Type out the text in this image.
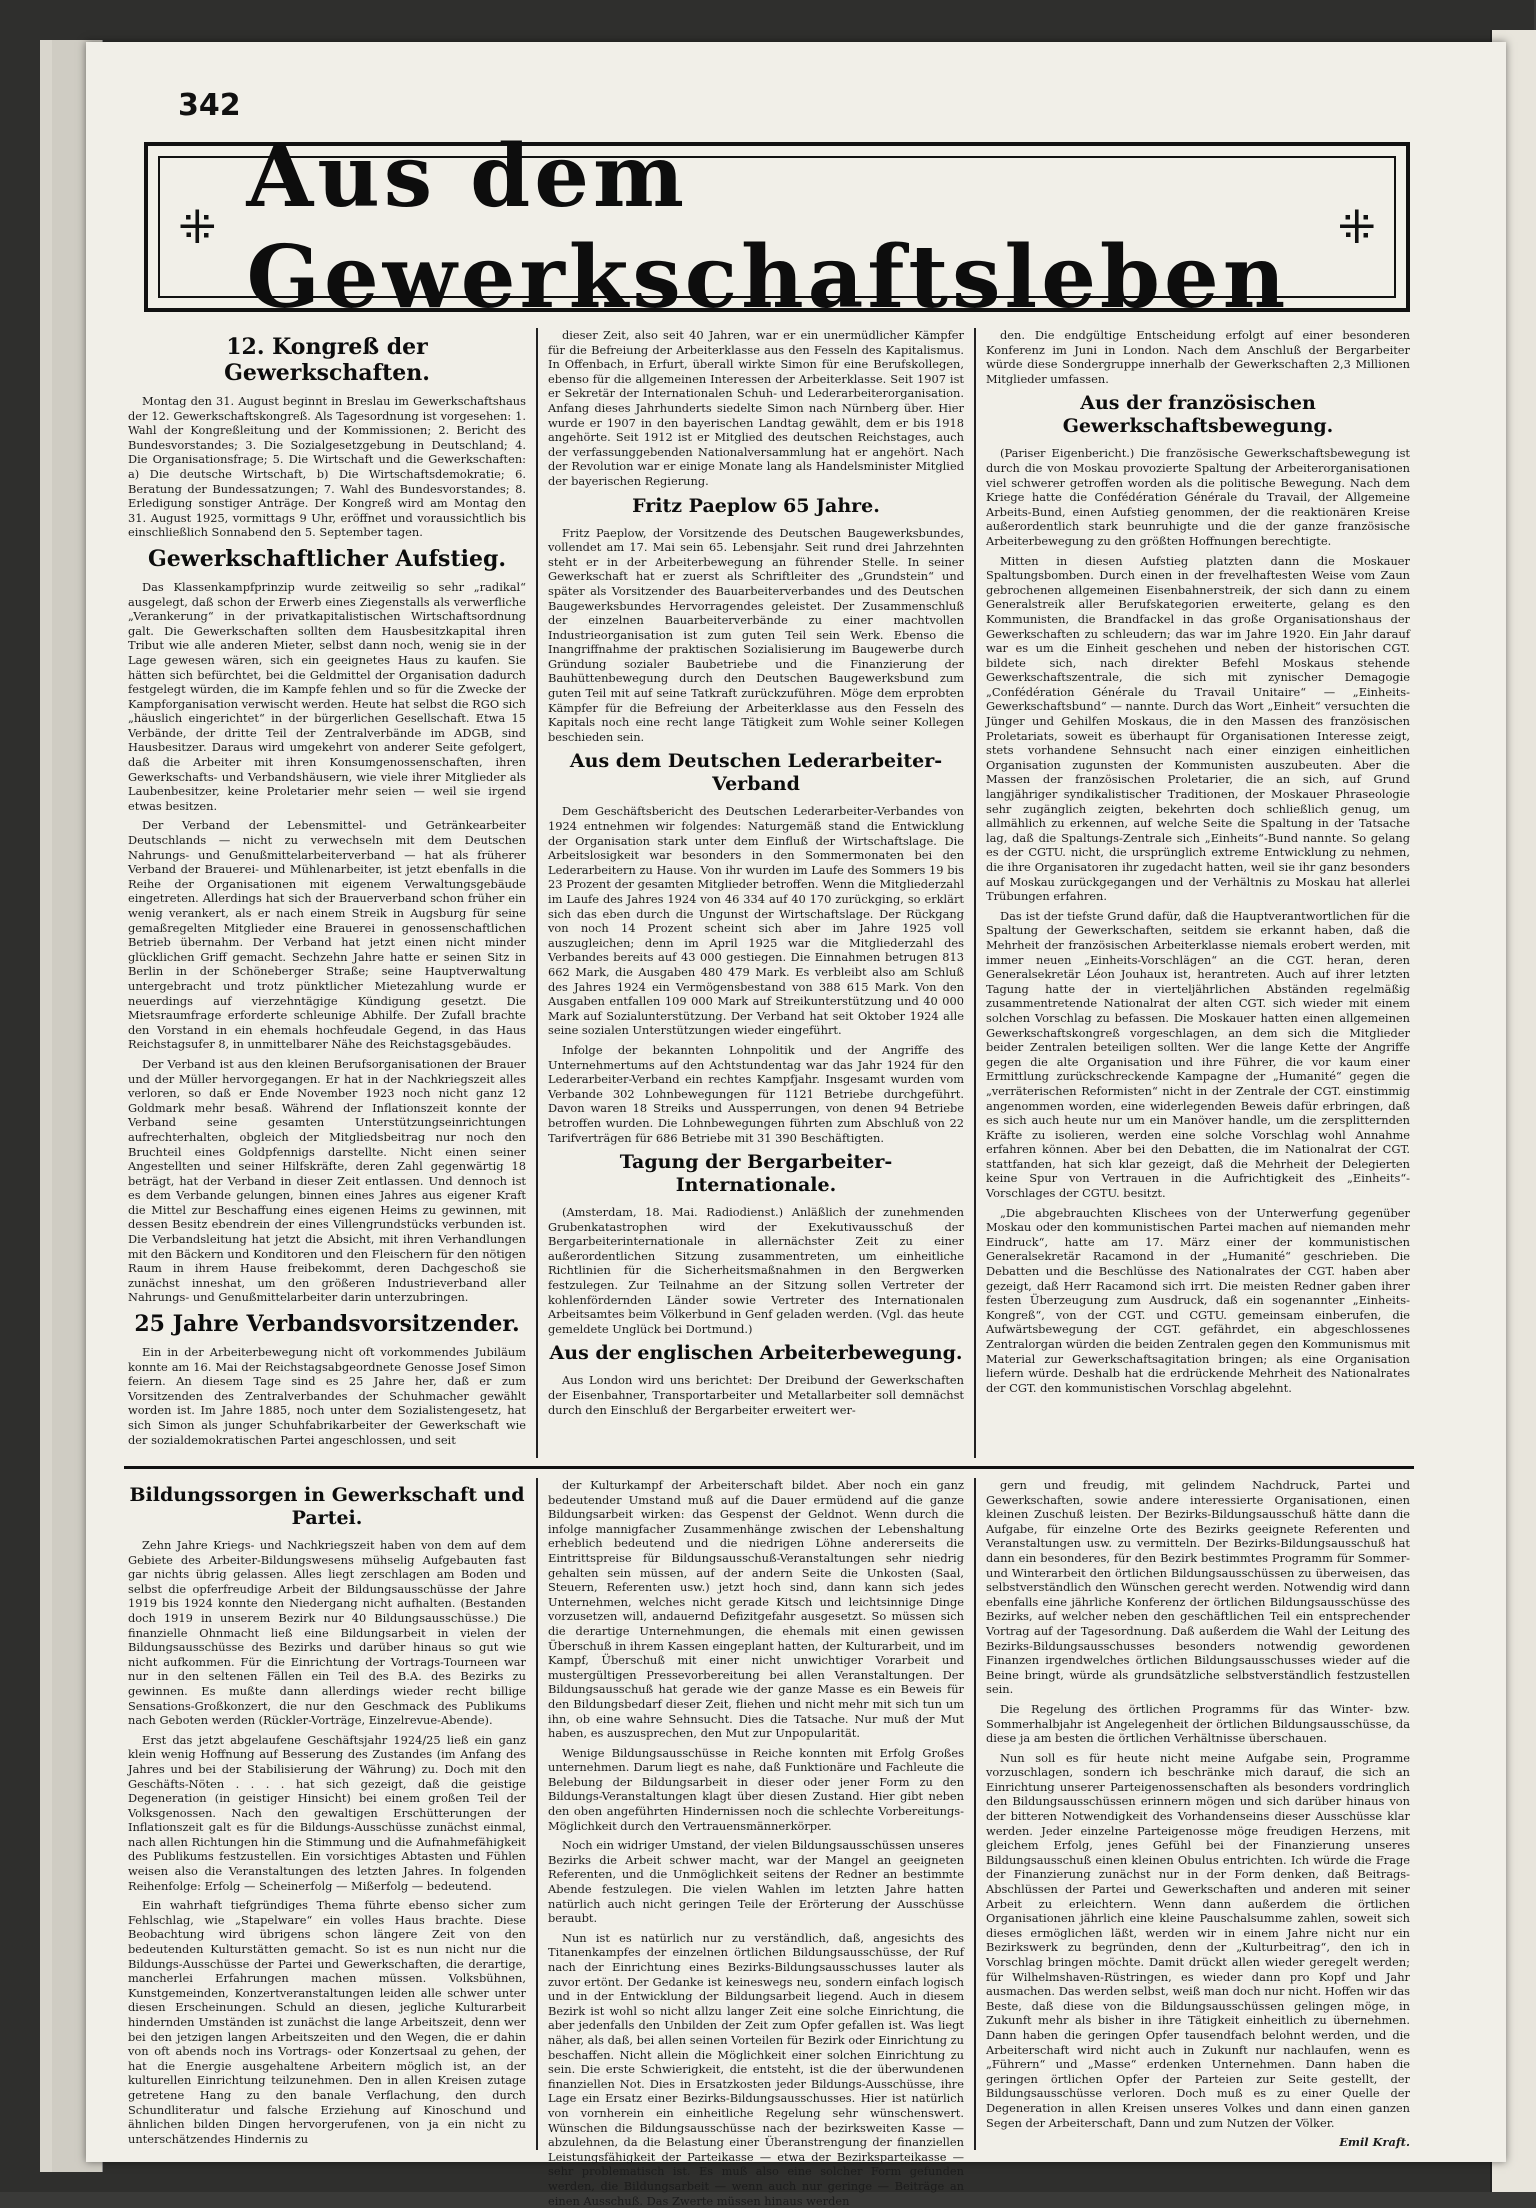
342
⁜ Aus dem Gewerkschaftsleben	⁜
12. Kongreß der Gewerkschaften.

Montag den 31. August beginnt in Breslau im Gewerkschaftshaus der 12. Gewerkschaftskongreß. Als Tagesordnung ist vorgesehen: 1. Wahl der Kongreßleitung und der Kommissionen; 2. Bericht des Bundesvorstandes; 3. Die Sozialgesetzgebung in Deutschland; 4. Die Organisationsfrage; 5. Die Wirtschaft und die Gewerkschaften: a) Die deutsche Wirtschaft, b) Die Wirtschaftsdemokratie; 6. Beratung der Bundessatzungen; 7. Wahl des Bundesvorstandes; 8. Erledigung sonstiger Anträge. Der Kongreß wird am Montag den 31. August 1925, vormittags 9 Uhr, eröffnet und voraussichtlich bis einschließlich Sonnabend den 5. September tagen.

Gewerkschaftlicher Aufstieg.

Das Klassenkampfprinzip wurde zeitweilig so sehr „radikal“ ausgelegt, daß schon der Erwerb eines Ziegenstalls als verwerfliche „Verankerung“ in der privatkapitalistischen Wirtschaftsordnung galt. Die Gewerkschaften sollten dem Hausbesitzkapital ihren Tribut wie alle anderen Mieter, selbst dann noch, wenig sie in der Lage gewesen wären, sich ein geeignetes Haus zu kaufen. Sie hätten sich befürchtet, bei die Geldmittel der Organisation dadurch festgelegt würden, die im Kampfe fehlen und so für die Zwecke der Kampforganisation verwischt werden. Heute hat selbst die RGO sich „häuslich eingerichtet“ in der bürgerlichen Gesellschaft. Etwa 15 Verbände, der dritte Teil der Zentralverbände im ADGB, sind Hausbesitzer. Daraus wird umgekehrt von anderer Seite gefolgert, daß die Arbeiter mit ihren Konsumgenossenschaften, ihren Gewerkschafts- und Verbandshäusern, wie viele ihrer Mitglieder als Laubenbesitzer, keine Proletarier mehr seien — weil sie irgend etwas besitzen.

Der Verband der Lebensmittel- und Getränkearbeiter Deutschlands — nicht zu verwechseln mit dem Deutschen Nahrungs- und Genußmittelarbeiterverband — hat als früherer Verband der Brauerei- und Mühlenarbeiter, ist jetzt ebenfalls in die Reihe der Organisationen mit eigenem Verwaltungsgebäude eingetreten. Allerdings hat sich der Brauerverband schon früher ein wenig verankert, als er nach einem Streik in Augsburg für seine gemaßregelten Mitglieder eine Brauerei in genossenschaftlichen Betrieb übernahm. Der Verband hat jetzt einen nicht minder glücklichen Griff gemacht. Sechzehn Jahre hatte er seinen Sitz in Berlin in der Schöneberger Straße; seine Hauptverwaltung untergebracht und trotz pünktlicher Mietezahlung wurde er neuerdings auf vierzehntägige Kündigung gesetzt. Die Mietsraumfrage erforderte schleunige Abhilfe. Der Zufall brachte den Vorstand in ein ehemals hochfeudale Gegend, in das Haus Reichstagsufer 8, in unmittelbarer Nähe des Reichstagsgebäudes.

Der Verband ist aus den kleinen Berufsorganisationen der Brauer und der Müller hervorgegangen. Er hat in der Nachkriegszeit alles verloren, so daß er Ende November 1923 noch nicht ganz 12 Goldmark mehr besaß. Während der Inflationszeit konnte der Verband seine gesamten Unterstützungseinrichtungen aufrechterhalten, obgleich der Mitgliedsbeitrag nur noch den Bruchteil eines Goldpfennigs darstellte. Nicht einen seiner Angestellten und seiner Hilfskräfte, deren Zahl gegenwärtig 18 beträgt, hat der Verband in dieser Zeit entlassen. Und dennoch ist es dem Verbande gelungen, binnen eines Jahres aus eigener Kraft die Mittel zur Beschaffung eines eigenen Heims zu gewinnen, mit dessen Besitz ebendrein der eines Villengrundstücks verbunden ist. Die Verbandsleitung hat jetzt die Absicht, mit ihren Verhandlungen mit den Bäckern und Konditoren und den Fleischern für den nötigen Raum in ihrem Hause freibekommt, deren Dachgeschoß sie zunächst inneshat, um den größeren Industrieverband aller Nahrungs- und Genußmittelarbeiter darin unterzubringen.

25 Jahre Verbandsvorsitzender.

Ein in der Arbeiterbewegung nicht oft vorkommendes Jubiläum konnte am 16. Mai der Reichstagsabgeordnete Genosse Josef Simon feiern. An diesem Tage sind es 25 Jahre her, daß er zum Vorsitzenden des Zentralverbandes der Schuhmacher gewählt worden ist. Im Jahre 1885, noch unter dem Sozialistengesetz, hat sich Simon als junger Schuhfabrikarbeiter der Gewerkschaft wie der sozialdemokratischen Partei angeschlossen, und seit

dieser Zeit, also seit 40 Jahren, war er ein unermüdlicher Kämpfer für die Befreiung der Arbeiterklasse aus den Fesseln des Kapitalismus. In Offenbach, in Erfurt, überall wirkte Simon für eine Berufskollegen, ebenso für die allgemeinen Interessen der Arbeiterklasse. Seit 1907 ist er Sekretär der Internationalen Schuh- und Lederarbeiterorganisation. Anfang dieses Jahrhunderts siedelte Simon nach Nürnberg über. Hier wurde er 1907 in den bayerischen Landtag gewählt, dem er bis 1918 angehörte. Seit 1912 ist er Mitglied des deutschen Reichstages, auch der verfassunggebenden Nationalversammlung hat er angehört. Nach der Revolution war er einige Monate lang als Handelsminister Mitglied der bayerischen Regierung.

Fritz Paeplow 65 Jahre.

Fritz Paeplow, der Vorsitzende des Deutschen Baugewerksbundes, vollendet am 17. Mai sein 65. Lebensjahr. Seit rund drei Jahrzehnten steht er in der Arbeiterbewegung an führender Stelle. In seiner Gewerkschaft hat er zuerst als Schriftleiter des „Grundstein“ und später als Vorsitzender des Bauarbeiterverbandes und des Deutschen Baugewerksbundes Hervorragendes geleistet. Der Zusammenschluß der einzelnen Bauarbeiterverbände zu einer machtvollen Industrieorganisation ist zum guten Teil sein Werk. Ebenso die Inangriffnahme der praktischen Sozialisierung im Baugewerbe durch Gründung sozialer Baubetriebe und die Finanzierung der Bauhüttenbewegung durch den Deutschen Baugewerksbund zum guten Teil mit auf seine Tatkraft zurückzuführen. Möge dem erprobten Kämpfer für die Befreiung der Arbeiterklasse aus den Fesseln des Kapitals noch eine recht lange Tätigkeit zum Wohle seiner Kollegen beschieden sein.

Aus dem Deutschen Lederarbeiter-Verband

Dem Geschäftsbericht des Deutschen Lederarbeiter-Verbandes von 1924 entnehmen wir folgendes: Naturgemäß stand die Entwicklung der Organisation stark unter dem Einfluß der Wirtschaftslage. Die Arbeitslosigkeit war besonders in den Sommermonaten bei den Lederarbeitern zu Hause. Von ihr wurden im Laufe des Sommers 19 bis 23 Prozent der gesamten Mitglieder betroffen. Wenn die Mitgliederzahl im Laufe des Jahres 1924 von 46 334 auf 40 170 zurückging, so erklärt sich das eben durch die Ungunst der Wirtschaftslage. Der Rückgang von noch 14 Prozent scheint sich aber im Jahre 1925 voll auszugleichen; denn im April 1925 war die Mitgliederzahl des Verbandes bereits auf 43 000 gestiegen. Die Einnahmen betrugen 813 662 Mark, die Ausgaben 480 479 Mark. Es verbleibt also am Schluß des Jahres 1924 ein Vermögensbestand von 388 615 Mark. Von den Ausgaben entfallen 109 000 Mark auf Streikunterstützung und 40 000 Mark auf Sozialunterstützung. Der Verband hat seit Oktober 1924 alle seine sozialen Unterstützungen wieder eingeführt.

Infolge der bekannten Lohnpolitik und der Angriffe des Unternehmertums auf den Achtstundentag war das Jahr 1924 für den Lederarbeiter-Verband ein rechtes Kampfjahr. Insgesamt wurden vom Verbande 302 Lohnbewegungen für 1121 Betriebe durchgeführt. Davon waren 18 Streiks und Aussperrungen, von denen 94 Betriebe betroffen wurden. Die Lohnbewegungen führten zum Abschluß von 22 Tarifverträgen für 686 Betriebe mit 31 390 Beschäftigten.

Tagung der Bergarbeiter-Internationale.

(Amsterdam, 18. Mai. Radiodienst.) Anläßlich der zunehmenden Grubenkatastrophen wird der Exekutivausschuß der Bergarbeiterinternationale in allernächster Zeit zu einer außerordentlichen Sitzung zusammentreten, um einheitliche Richtlinien für die Sicherheitsmaßnahmen in den Bergwerken festzulegen. Zur Teilnahme an der Sitzung sollen Vertreter der kohlenfördernden Länder sowie Vertreter des Internationalen Arbeitsamtes beim Völkerbund in Genf geladen werden. (Vgl. das heute gemeldete Unglück bei Dortmund.)

Aus der englischen Arbeiterbewegung.

Aus London wird uns berichtet: Der Dreibund der Gewerkschaften der Eisenbahner, Transportarbeiter und Metallarbeiter soll demnächst durch den Einschluß der Bergarbeiter erweitert wer-

den. Die endgültige Entscheidung erfolgt auf einer besonderen Konferenz im Juni in London. Nach dem Anschluß der Bergarbeiter würde diese Sondergruppe innerhalb der Gewerkschaften 2,3 Millionen Mitglieder umfassen.

Aus der französischen Gewerkschaftsbewegung.

(Pariser Eigenbericht.) Die französische Gewerkschaftsbewegung ist durch die von Moskau provozierte Spaltung der Arbeiterorganisationen viel schwerer getroffen worden als die politische Bewegung. Nach dem Kriege hatte die Confédération Générale du Travail, der Allgemeine Arbeits-Bund, einen Aufstieg genommen, der die reaktionären Kreise außerordentlich stark beunruhigte und die der ganze französische Arbeiterbewegung zu den größten Hoffnungen berechtigte.

Mitten in diesen Aufstieg platzten dann die Moskauer Spaltungsbomben. Durch einen in der frevelhaftesten Weise vom Zaun gebrochenen allgemeinen Eisenbahnerstreik, der sich dann zu einem Generalstreik aller Berufskategorien erweiterte, gelang es den Kommunisten, die Brandfackel in das große Organisationshaus der Gewerkschaften zu schleudern; das war im Jahre 1920. Ein Jahr darauf war es um die Einheit geschehen und neben der historischen CGT. bildete sich, nach direkter Befehl Moskaus stehende Gewerkschaftszentrale, die sich mit zynischer Demagogie „Confédération Générale du Travail Unitaire“ — „Einheits-Gewerkschaftsbund“ — nannte. Durch das Wort „Einheit“ versuchten die Jünger und Gehilfen Moskaus, die in den Massen des französischen Proletariats, soweit es überhaupt für Organisationen Interesse zeigt, stets vorhandene Sehnsucht nach einer einzigen einheitlichen Organisation zugunsten der Kommunisten auszubeuten. Aber die Massen der französischen Proletarier, die an sich, auf Grund langjähriger syndikalistischer Traditionen, der Moskauer Phraseologie sehr zugänglich zeigten, bekehrten doch schließlich genug, um allmählich zu erkennen, auf welche Seite die Spaltung in der Tatsache lag, daß die Spaltungs-Zentrale sich „Einheits“-Bund nannte. So gelang es der CGTU. nicht, die ursprünglich extreme Entwicklung zu nehmen, die ihre Organisatoren ihr zugedacht hatten, weil sie ihr ganz besonders auf Moskau zurückgegangen und der Verhältnis zu Moskau hat allerlei Trübungen erfahren.

Das ist der tiefste Grund dafür, daß die Hauptverantwortlichen für die Spaltung der Gewerkschaften, seitdem sie erkannt haben, daß die Mehrheit der französischen Arbeiterklasse niemals erobert werden, mit immer neuen „Einheits-Vorschlägen“ an die CGT. heran, deren Generalsekretär Léon Jouhaux ist, herantreten. Auch auf ihrer letzten Tagung hatte der in vierteljährlichen Abständen regelmäßig zusammentretende Nationalrat der alten CGT. sich wieder mit einem solchen Vorschlag zu befassen. Die Moskauer hatten einen allgemeinen Gewerkschaftskongreß vorgeschlagen, an dem sich die Mitglieder beider Zentralen beteiligen sollten. Wer die lange Kette der Angriffe gegen die alte Organisation und ihre Führer, die vor kaum einer Ermittlung zurückschreckende Kampagne der „Humanité“ gegen die „verräterischen Reformisten“ nicht in der Zentrale der CGT. einstimmig angenommen worden, eine widerlegenden Beweis dafür erbringen, daß es sich auch heute nur um ein Manöver handle, um die zersplitternden Kräfte zu isolieren, werden eine solche Vorschlag wohl Annahme erfahren können. Aber bei den Debatten, die im Nationalrat der CGT. stattfanden, hat sich klar gezeigt, daß die Mehrheit der Delegierten keine Spur von Vertrauen in die Aufrichtigkeit des „Einheits“-Vorschlages der CGTU. besitzt.

„Die abgebrauchten Klischees von der Unterwerfung gegenüber Moskau oder den kommunistischen Partei machen auf niemanden mehr Eindruck“, hatte am 17. März einer der kommunistischen Generalsekretär Racamond in der „Humanité“ geschrieben. Die Debatten und die Beschlüsse des Nationalrates der CGT. haben aber gezeigt, daß Herr Racamond sich irrt. Die meisten Redner gaben ihrer festen Überzeugung zum Ausdruck, daß ein sogenannter „Einheits-Kongreß“, von der CGT. und CGTU. gemeinsam einberufen, die Aufwärtsbewegung der CGT. gefährdet, ein abgeschlossenes Zentralorgan würden die beiden Zentralen gegen den Kommunismus mit Material zur Gewerkschaftsagitation bringen; als eine Organisation liefern würde. Deshalb hat die erdrückende Mehrheit des Nationalrates der CGT. den kommunistischen Vorschlag abgelehnt.

Bildungssorgen in Gewerkschaft und Partei.

Zehn Jahre Kriegs- und Nachkriegszeit haben von dem auf dem Gebiete des Arbeiter-Bildungswesens mühselig Aufgebauten fast gar nichts übrig gelassen. Alles liegt zerschlagen am Boden und selbst die opferfreudige Arbeit der Bildungsausschüsse der Jahre 1919 bis 1924 konnte den Niedergang nicht aufhalten. (Bestanden doch 1919 in unserem Bezirk nur 40 Bildungsausschüsse.) Die finanzielle Ohnmacht ließ eine Bildungsarbeit in vielen der Bildungsausschüsse des Bezirks und darüber hinaus so gut wie nicht aufkommen. Für die Einrichtung der Vortrags-Tourneen war nur in den seltenen Fällen ein Teil des B.A. des Bezirks zu gewinnen. Es mußte dann allerdings wieder recht billige Sensations-Großkonzert, die nur den Geschmack des Publikums nach Geboten werden (Rückler-Vorträge, Einzelrevue-Abende).

Erst das jetzt abgelaufene Geschäftsjahr 1924/25 ließ ein ganz klein wenig Hoffnung auf Besserung des Zustandes (im Anfang des Jahres und bei der Stabilisierung der Währung) zu. Doch mit den Geschäfts-Nöten . . . . hat sich gezeigt, daß die geistige Degeneration (in geistiger Hinsicht) bei einem großen Teil der Volksgenossen. Nach den gewaltigen Erschütterungen der Inflationszeit galt es für die Bildungs-Ausschüsse zunächst einmal, nach allen Richtungen hin die Stimmung und die Aufnahmefähigkeit des Publikums festzustellen. Ein vorsichtiges Abtasten und Fühlen weisen also die Veranstaltungen des letzten Jahres. In folgenden Reihenfolge: Erfolg — Scheinerfolg — Mißerfolg — bedeutend.

Ein wahrhaft tiefgründiges Thema führte ebenso sicher zum Fehlschlag, wie „Stapelware“ ein volles Haus brachte. Diese Beobachtung wird übrigens schon längere Zeit von den bedeutenden Kulturstätten gemacht. So ist es nun nicht nur die Bildungs-Ausschüsse der Partei und Gewerkschaften, die derartige, mancherlei Erfahrungen machen müssen. Volksbühnen, Kunstgemeinden, Konzertveranstaltungen leiden alle schwer unter diesen Erscheinungen. Schuld an diesen, jegliche Kulturarbeit hindernden Umständen ist zunächst die lange Arbeitszeit, denn wer bei den jetzigen langen Arbeitszeiten und den Wegen, die er dahin von oft abends noch ins Vortrags- oder Konzertsaal zu gehen, der hat die Energie ausgehaltene Arbeitern möglich ist, an der kulturellen Einrichtung teilzunehmen. Den in allen Kreisen zutage getretene Hang zu den banale Verflachung, den durch Schundliteratur und falsche Erziehung auf Kinoschund und ähnlichen bilden Dingen hervorgerufenen, von ja ein nicht zu unterschätzendes Hindernis zu

der Kulturkampf der Arbeiterschaft bildet. Aber noch ein ganz bedeutender Umstand muß auf die Dauer ermüdend auf die ganze Bildungsarbeit wirken: das Gespenst der Geldnot. Wenn durch die infolge mannigfacher Zusammenhänge zwischen der Lebenshaltung erheblich bedeutend und die niedrigen Löhne andererseits die Eintrittspreise für Bildungsausschuß-Veranstaltungen sehr niedrig gehalten sein müssen, auf der andern Seite die Unkosten (Saal, Steuern, Referenten usw.) jetzt hoch sind, dann kann sich jedes Unternehmen, welches nicht gerade Kitsch und leichtsinnige Dinge vorzusetzen will, andauernd Defizitgefahr ausgesetzt. So müssen sich die derartige Unternehmungen, die ehemals mit einen gewissen Überschuß in ihrem Kassen eingeplant hatten, der Kulturarbeit, und im Kampf, Überschuß mit einer nicht unwichtiger Vorarbeit und mustergültigen Pressevorbereitung bei allen Veranstaltungen. Der Bildungsausschuß hat gerade wie der ganze Masse es ein Beweis für den Bildungsbedarf dieser Zeit, fliehen und nicht mehr mit sich tun um ihn, ob eine wahre Sehnsucht. Dies die Tatsache. Nur muß der Mut haben, es auszusprechen, den Mut zur Unpopularität.

Wenige Bildungsausschüsse in Reiche konnten mit Erfolg Großes unternehmen. Darum liegt es nahe, daß Funktionäre und Fachleute die Belebung der Bildungsarbeit in dieser oder jener Form zu den Bildungs-Veranstaltungen klagt über diesen Zustand. Hier gibt neben den oben angeführten Hindernissen noch die schlechte Vorbereitungs-Möglichkeit durch den Vertrauensmännerkörper.

Noch ein widriger Umstand, der vielen Bildungsausschüssen unseres Bezirks die Arbeit schwer macht, war der Mangel an geeigneten Referenten, und die Unmöglichkeit seitens der Redner an bestimmte Abende festzulegen. Die vielen Wahlen im letzten Jahre hatten natürlich auch nicht geringen Teile der Erörterung der Ausschüsse beraubt.

Nun ist es natürlich nur zu verständlich, daß, angesichts des Titanenkampfes der einzelnen örtlichen Bildungsausschüsse, der Ruf nach der Einrichtung eines Bezirks-Bildungsausschusses lauter als zuvor ertönt. Der Gedanke ist keineswegs neu, sondern einfach logisch und in der Entwicklung der Bildungsarbeit liegend. Auch in diesem Bezirk ist wohl so nicht allzu langer Zeit eine solche Einrichtung, die aber jedenfalls den Unbilden der Zeit zum Opfer gefallen ist. Was liegt näher, als daß, bei allen seinen Vorteilen für Bezirk oder Einrichtung zu beschaffen. Nicht allein die Möglichkeit einer solchen Einrichtung zu sein. Die erste Schwierigkeit, die entsteht, ist die der überwundenen finanziellen Not. Dies in Ersatzkosten jeder Bildungs-Ausschüsse, ihre Lage ein Ersatz einer Bezirks-Bildungsausschusses. Hier ist natürlich von vornherein ein einheitliche Regelung sehr wünschenswert. Wünschen die Bildungsausschüsse nach der bezirksweiten Kasse — abzulehnen, da die Belastung einer Überanstrengung der finanziellen Leistungsfähigkeit der Parteikasse — etwa der Bezirksparteikasse — sehr problematisch ist. Es muß also eine solcher Form gefunden werden, die Bildungsarbeit — wenn auch nur geringe — Beiträge an einen Ausschuß. Das Zwerte müssen hinaus werden

gern und freudig, mit gelindem Nachdruck, Partei und Gewerkschaften, sowie andere interessierte Organisationen, einen kleinen Zuschuß leisten. Der Bezirks-Bildungsausschuß hätte dann die Aufgabe, für einzelne Orte des Bezirks geeignete Referenten und Veranstaltungen usw. zu vermitteln. Der Bezirks-Bildungsausschuß hat dann ein besonderes, für den Bezirk bestimmtes Programm für Sommer- und Winterarbeit den örtlichen Bildungsausschüssen zu überweisen, das selbstverständlich den Wünschen gerecht werden. Notwendig wird dann ebenfalls eine jährliche Konferenz der örtlichen Bildungsausschüsse des Bezirks, auf welcher neben den geschäftlichen Teil ein entsprechender Vortrag auf der Tagesordnung. Daß außerdem die Wahl der Leitung des Bezirks-Bildungsausschusses besonders notwendig gewordenen Finanzen irgendwelches örtlichen Bildungsausschusses wieder auf die Beine bringt, würde als grundsätzliche selbstverständlich festzustellen sein.

Die Regelung des örtlichen Programms für das Winter- bzw. Sommerhalbjahr ist Angelegenheit der örtlichen Bildungsausschüsse, da diese ja am besten die örtlichen Verhältnisse überschauen.

Nun soll es für heute nicht meine Aufgabe sein, Programme vorzuschlagen, sondern ich beschränke mich darauf, die sich an Einrichtung unserer Parteigenossenschaften als besonders vordringlich den Bildungsausschüssen erinnern mögen und sich darüber hinaus von der bitteren Notwendigkeit des Vorhandenseins dieser Ausschüsse klar werden. Jeder einzelne Parteigenosse möge freudigen Herzens, mit gleichem Erfolg, jenes Gefühl bei der Finanzierung unseres Bildungsausschuß einen kleinen Obulus entrichten. Ich würde die Frage der Finanzierung zunächst nur in der Form denken, daß Beitrags-Abschlüssen der Partei und Gewerkschaften und anderen mit seiner Arbeit zu erleichtern. Wenn dann außerdem die örtlichen Organisationen jährlich eine kleine Pauschalsumme zahlen, soweit sich dieses ermöglichen läßt, werden wir in einem Jahre nicht nur ein Bezirkswerk zu begründen, denn der „Kulturbeitrag“, den ich in Vorschlag bringen möchte. Damit drückt allen wieder geregelt werden; für Wilhelmshaven-Rüstringen, es wieder dann pro Kopf und Jahr ausmachen. Das werden selbst, weiß man doch nur nicht. Hoffen wir das Beste, daß diese von die Bildungsausschüssen gelingen möge, in Zukunft mehr als bisher in ihre Tätigkeit einheitlich zu übernehmen. Dann haben die geringen Opfer tausendfach belohnt werden, und die Arbeiterschaft wird nicht auch in Zukunft nur nachlaufen, wenn es „Führern“ und „Masse“ erdenken Unternehmen. Dann haben die geringen örtlichen Opfer der Parteien zur Seite gestellt, der Bildungsausschüsse verloren. Doch muß es zu einer Quelle der Degeneration in allen Kreisen unseres Volkes und dann einen ganzen Segen der Arbeiterschaft, Dann und zum Nutzen der Völker.

Emil Kraft.
